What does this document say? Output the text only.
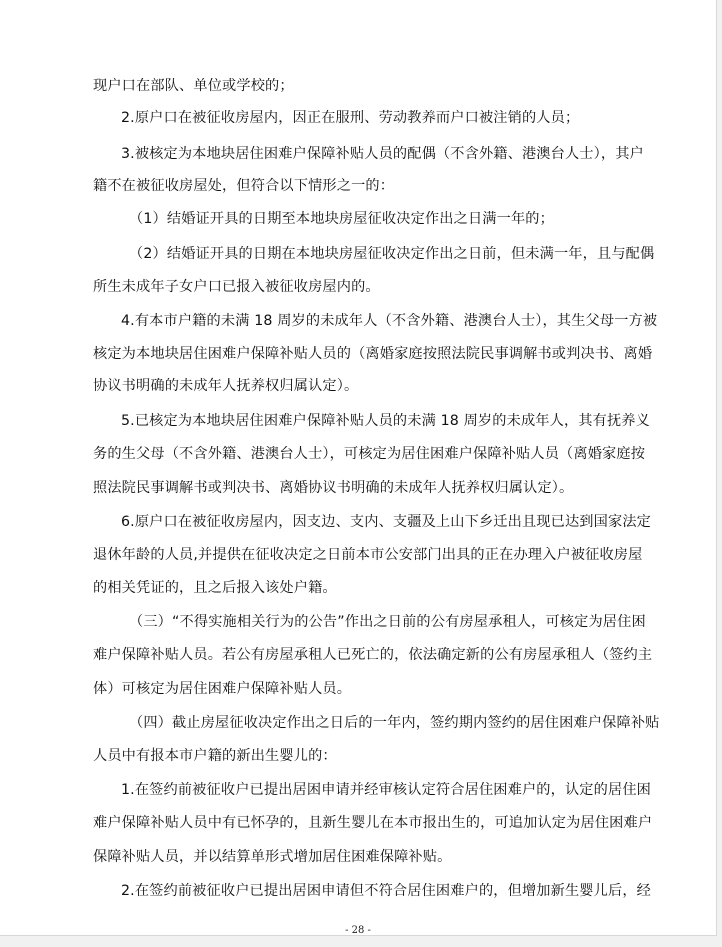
现户口在部队、单位或学校的；

2.原户口在被征收房屋内，因正在服刑、劳动教养而户口被注销的人员；

3.被核定为本地块居住困难户保障补贴人员的配偶（不含外籍、港澳台人士），其户

籍不在被征收房屋处，但符合以下情形之一的：

（1）结婚证开具的日期至本地块房屋征收决定作出之日满一年的；

（2）结婚证开具的日期在本地块房屋征收决定作出之日前，但未满一年，且与配偶

所生未成年子女户口已报入被征收房屋内的。

4.有本市户籍的未满 18 周岁的未成年人（不含外籍、港澳台人士），其生父母一方被

核定为本地块居住困难户保障补贴人员的（离婚家庭按照法院民事调解书或判决书、离婚

协议书明确的未成年人抚养权归属认定）。

5.已核定为本地块居住困难户保障补贴人员的未满 18 周岁的未成年人，其有抚养义

务的生父母（不含外籍、港澳台人士），可核定为居住困难户保障补贴人员（离婚家庭按

照法院民事调解书或判决书、离婚协议书明确的未成年人抚养权归属认定）。

6.原户口在被征收房屋内，因支边、支内、支疆及上山下乡迁出且现已达到国家法定

退休年龄的人员,并提供在征收决定之日前本市公安部门出具的正在办理入户被征收房屋

的相关凭证的，且之后报入该处户籍。

（三）“不得实施相关行为的公告”作出之日前的公有房屋承租人，可核定为居住困

难户保障补贴人员。若公有房屋承租人已死亡的，依法确定新的公有房屋承租人（签约主

体）可核定为居住困难户保障补贴人员。

（四）截止房屋征收决定作出之日后的一年内，签约期内签约的居住困难户保障补贴

人员中有报本市户籍的新出生婴儿的：

1.在签约前被征收户已提出居困申请并经审核认定符合居住困难户的，认定的居住困

难户保障补贴人员中有已怀孕的，且新生婴儿在本市报出生的，可追加认定为居住困难户

保障补贴人员，并以结算单形式增加居住困难保障补贴。

2.在签约前被征收户已提出居困申请但不符合居住困难户的，但增加新生婴儿后，经

- 28 -
